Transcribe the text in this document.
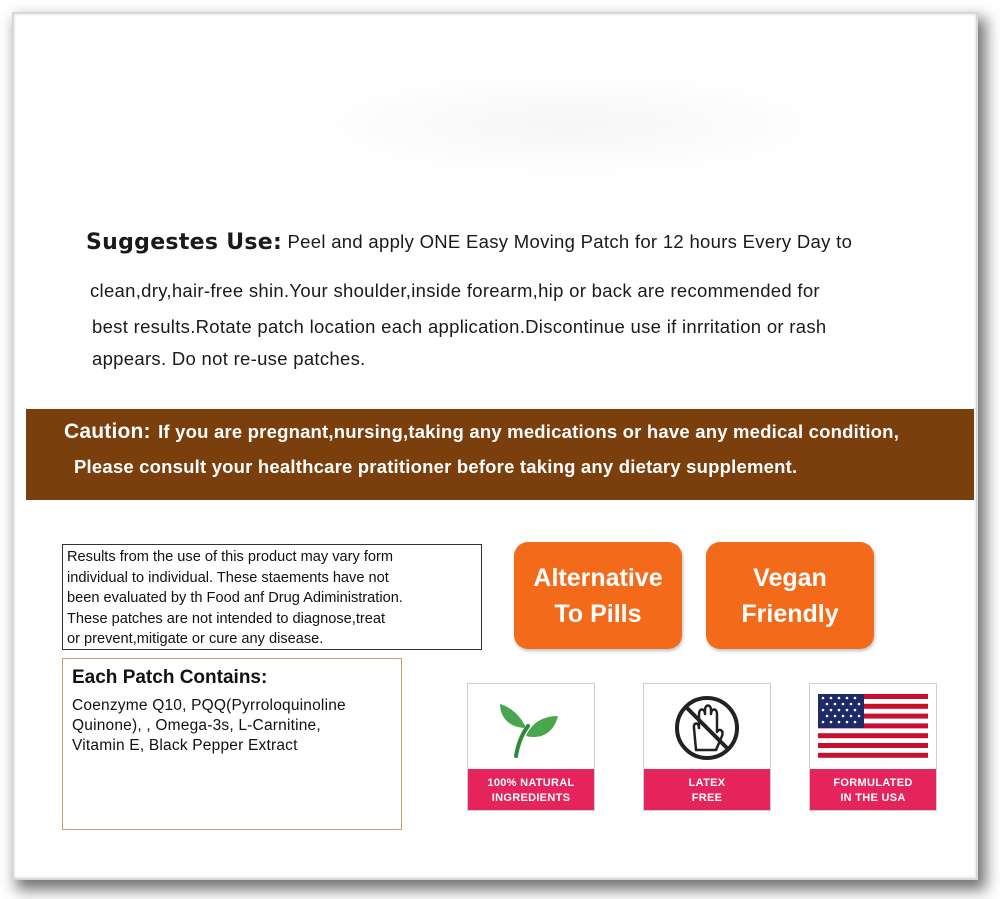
Suggestes Use: Peel and apply ONE Easy Moving Patch for 12 hours Every Day to
clean,dry,hair-free shin.Your shoulder,inside forearm,hip or back are recommended for
best results.Rotate patch location each application.Discontinue use if inrritation or rash
appears. Do not re-use patches.
Caution: If you are pregnant,nursing,taking any medications or have any medical condition,
Please consult your healthcare pratitioner before taking any dietary supplement.
Results from the use of this product may vary form
individual to individual. These staements have not
been evaluated by th Food anf Drug Adiministration.
These patches are not intended to diagnose,treat
or prevent,mitigate or cure any disease.
Each Patch Contains:
Coenzyme Q10, PQQ(Pyrroloquinoline
Quinone), , Omega-3s, L-Carnitine,
Vitamin E, Black Pepper Extract
Alternative
To Pills
Vegan
Friendly
100% NATURAL
INGREDIENTS
LATEX
FREE
FORMULATED
IN THE USA
